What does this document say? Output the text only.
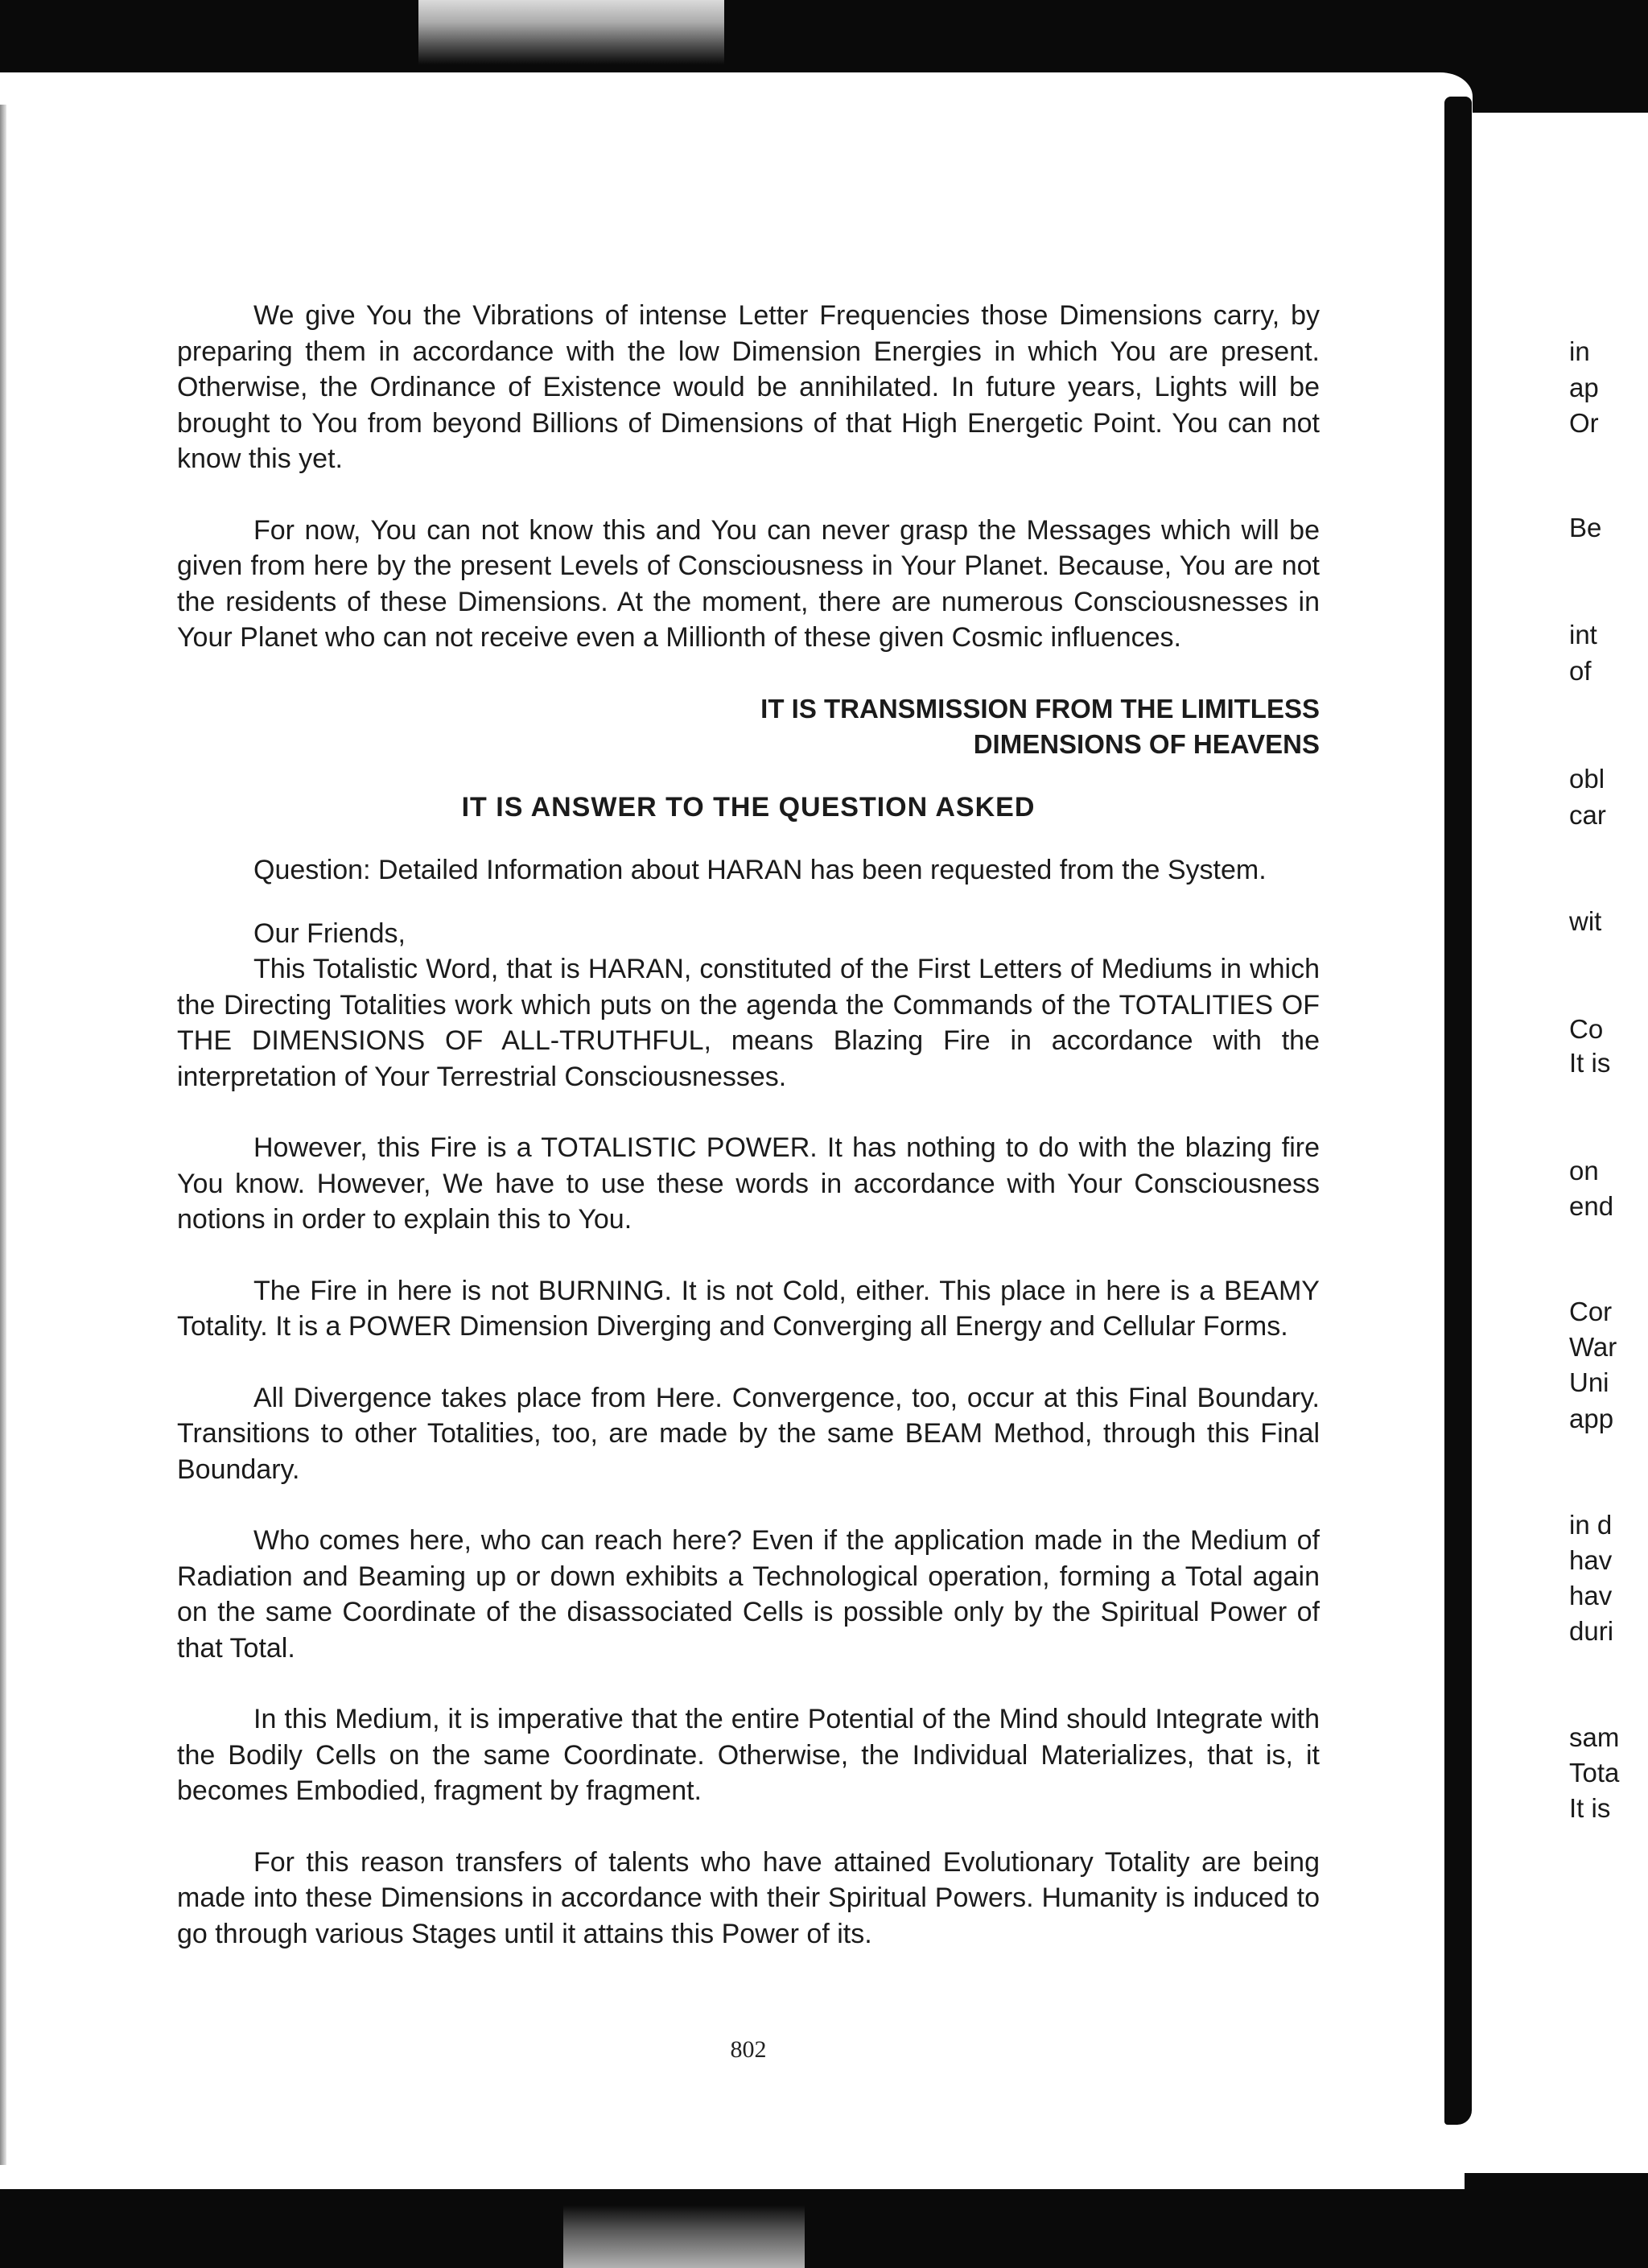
in
ap
Or
Be
int
of
obl
car
wit
Co
It is
on
end
Cor
War
Uni
app
in d
hav
hav
duri
sam
Tota
It is

We give You the Vibrations of intense Letter Frequencies those Dimensions carry, by preparing them in accordance with the low Dimension Energies in which You are present. Otherwise, the Ordinance of Existence would be annihilated. In future years, Lights will be brought to You from beyond Billions of Dimensions of that High Energetic Point. You can not know this yet.

For now, You can not know this and You can never grasp the Messages which will be given from here by the present Levels of Consciousness in Your Planet. Because, You are not the residents of these Dimensions. At the moment, there are numerous Consciousnesses in Your Planet who can not receive even a Millionth of these given Cosmic influences.

IT IS TRANSMISSION FROM THE LIMITLESS

DIMENSIONS OF HEAVENS

IT IS ANSWER TO THE QUESTION ASKED

Question: Detailed Information about HARAN has been requested from the System.

Our Friends,

This Totalistic Word, that is HARAN, constituted of the First Letters of Mediums in which the Directing Totalities work which puts on the agenda the Commands of the TOTALITIES OF THE DIMENSIONS OF ALL-TRUTHFUL, means Blazing Fire in accordance with the interpretation of Your Terrestrial Consciousnesses.

However, this Fire is a TOTALISTIC POWER. It has nothing to do with the blazing fire You know. However, We have to use these words in accordance with Your Consciousness notions in order to explain this to You.

The Fire in here is not BURNING. It is not Cold, either. This place in here is a BEAMY Totality. It is a POWER Dimension Diverging and Converging all Energy and Cellular Forms.

All Divergence takes place from Here. Convergence, too, occur at this Final Boundary. Transitions to other Totalities, too, are made by the same BEAM Method, through this Final Boundary.

Who comes here, who can reach here? Even if the application made in the Medium of Radiation and Beaming up or down exhibits a Technological operation, forming a Total again on the same Coordinate of the disassociated Cells is possible only by the Spiritual Power of that Total.

In this Medium, it is imperative that the entire Potential of the Mind should Integrate with the Bodily Cells on the same Coordinate. Otherwise, the Individual Materializes, that is, it becomes Embodied, fragment by fragment.

For this reason transfers of talents who have attained Evolutionary Totality are being made into these Dimensions in accordance with their Spiritual Powers. Humanity is induced to go through various Stages until it attains this Power of its.

802
